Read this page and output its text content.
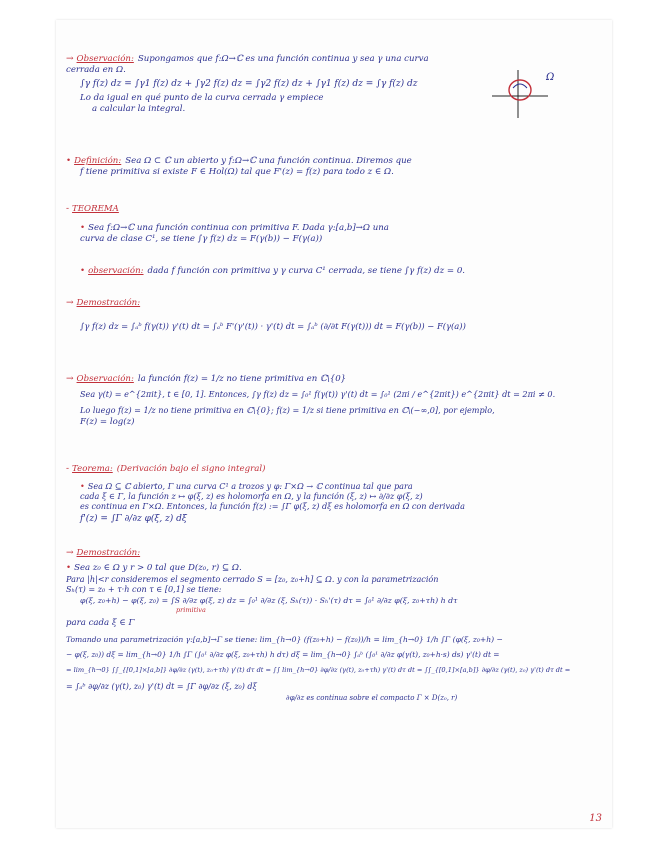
→ Observación: Supongamos que f:Ω→ℂ es una función continua y sea γ una curva
cerrada en Ω.
∫γ f(z) dz = ∫γ1 f(z) dz + ∫γ2 f(z) dz = ∫γ2 f(z) dz + ∫γ1 f(z) dz = ∫γ f(z) dz
Lo da igual en qué punto de la curva cerrada γ empiece
a calcular la integral.
Ω
• Definición: Sea Ω ⊂ ℂ un abierto y f:Ω→ℂ una función continua. Diremos que
f tiene primitiva si existe F ∈ Hol(Ω) tal que F'(z) = f(z) para todo z ∈ Ω.
- TEOREMA
• Sea f:Ω→ℂ una función continua con primitiva F. Dada γ:[a,b]→Ω una
curva de clase C¹, se tiene ∫γ f(z) dz = F(γ(b)) − F(γ(a))
• observación: dada f función con primitiva y γ curva C¹ cerrada, se tiene ∫γ f(z) dz = 0.
→ Demostración:
∫γ f(z) dz = ∫ₐᵇ f(γ(t)) γ'(t) dt = ∫ₐᵇ F'(γ'(t)) · γ'(t) dt = ∫ₐᵇ (∂/∂t F(γ(t))) dt = F(γ(b)) − F(γ(a))
→ Observación: la función f(z) = 1/z no tiene primitiva en ℂ\{0}
Sea γ(t) = e^{2πit}, t ∈ [0, 1]. Entonces, ∫γ f(z) dz = ∫₀¹ f(γ(t)) γ'(t) dt = ∫₀¹ (2πi / e^{2πit}) e^{2πit} dt = 2πi ≠ 0.
Lo luego f(z) = 1/z no tiene primitiva en ℂ\{0}; f(z) = 1/z si tiene primitiva en ℂ\(−∞,0], por ejemplo,
F(z) = log(z)
- Teorema: (Derivación bajo el signo integral)
• Sea Ω ⊆ ℂ abierto, Γ una curva C¹ a trozos y φ: Γ×Ω → ℂ continua tal que para
cada ξ ∈ Γ, la función z ↦ φ(ξ, z) es holomorfa en Ω, y la función (ξ, z) ↦ ∂/∂z φ(ξ, z)
es continua en Γ×Ω. Entonces, la función f(z) := ∫Γ φ(ξ, z) dξ es holomorfa en Ω con derivada
f'(z) = ∫Γ ∂/∂z φ(ξ, z) dξ
→ Demostración:
• Sea z₀ ∈ Ω y r > 0 tal que D(z₀, r) ⊆ Ω.
Para |h|<r consideremos el segmento cerrado S = [z₀, z₀+h] ⊆ Ω. y con la parametrización
Sₕ(τ) = z₀ + τ·h con τ ∈ [0,1] se tiene:
φ(ξ, z₀+h) − φ(ξ, z₀) = ∫S ∂/∂z φ(ξ, z) dz = ∫₀¹ ∂/∂z (ξ, Sₕ(τ)) · Sₕ'(τ) dτ = ∫₀¹ ∂/∂z φ(ξ, z₀+τh) h dτ
primitiva
para cada ξ ∈ Γ
Tomando una parametrización γ:[a,b]→Γ se tiene: lim_{h→0} (f(z₀+h) − f(z₀))/h = lim_{h→0} 1/h ∫Γ (φ(ξ, z₀+h) −
− φ(ξ, z₀)) dξ = lim_{h→0} 1/h ∫Γ (∫₀¹ ∂/∂z φ(ξ, z₀+τh) h dτ) dξ = lim_{h→0} ∫ₐᵇ (∫₀¹ ∂/∂z φ(γ(t), z₀+h·s) ds) γ'(t) dt =
= lim_{h→0} ∫∫_{[0,1]×[a,b]} ∂φ/∂z (γ(t), z₀+τh) γ'(t) dτ dt = ∫∫ lim_{h→0} ∂φ/∂z (γ(t), z₀+τh) γ'(t) dτ dt = ∫∫_{[0,1]×[a,b]} ∂φ/∂z (γ(t), z₀) γ'(t) dτ dt =
= ∫ₐᵇ ∂φ/∂z (γ(t), z₀) γ'(t) dt = ∫Γ ∂φ/∂z (ξ, z₀) dξ
∂φ/∂z es continua sobre el compacto Γ × D(z₀, r)
13
